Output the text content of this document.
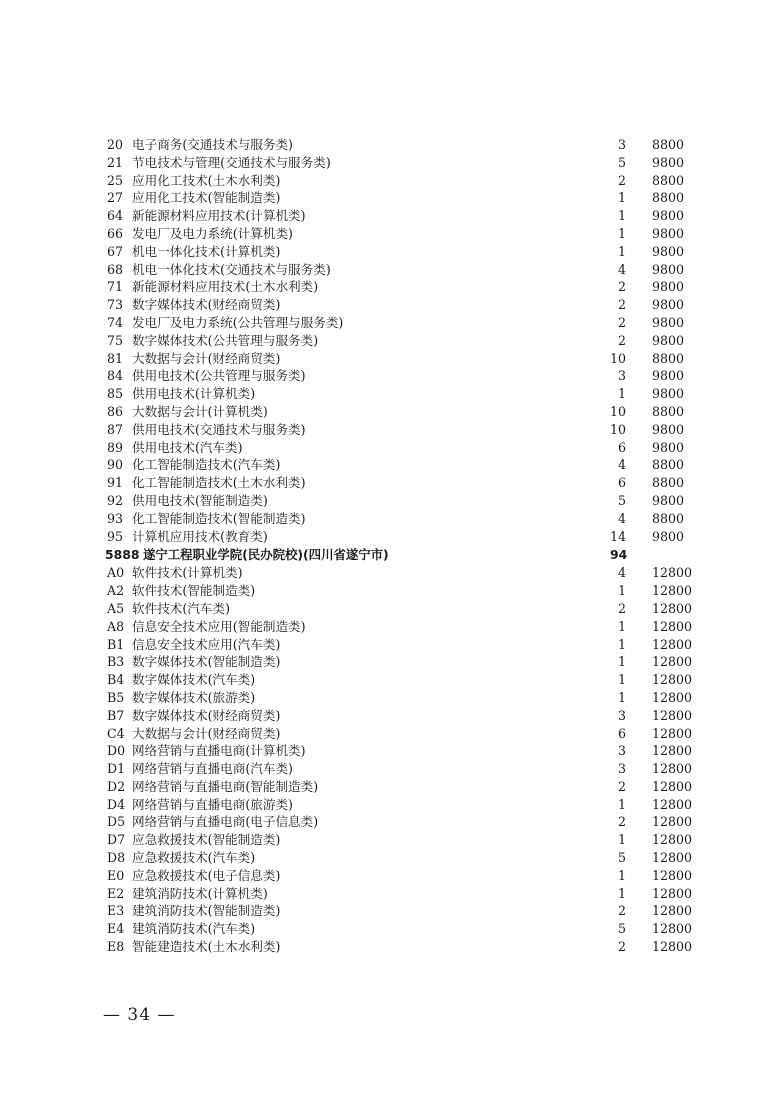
20 电子商务(交通技术与服务类)	3 8800
21 节电技术与管理(交通技术与服务类)	5 9800
25 应用化工技术(土木水利类)	2 8800
27 应用化工技术(智能制造类)	1 8800
64 新能源材料应用技术(计算机类)	1 9800
66 发电厂及电力系统(计算机类)	1 9800
67 机电一体化技术(计算机类)	1 9800
68 机电一体化技术(交通技术与服务类)	4 9800
71 新能源材料应用技术(土木水利类)	2 9800
73 数字媒体技术(财经商贸类)	2 9800
74 发电厂及电力系统(公共管理与服务类)	2 9800
75 数字媒体技术(公共管理与服务类)	2 9800
81 大数据与会计(财经商贸类)	10 8800
84 供用电技术(公共管理与服务类)	3 9800
85 供用电技术(计算机类)	1 9800
86 大数据与会计(计算机类)	10 8800
87 供用电技术(交通技术与服务类)	10 9800
89 供用电技术(汽车类)	6 9800
90 化工智能制造技术(汽车类)	4 8800
91 化工智能制造技术(土木水利类)	6 8800
92 供用电技术(智能制造类)	5 9800
93 化工智能制造技术(智能制造类)	4 8800
95 计算机应用技术(教育类)	14 9800
5888 遂宁工程职业学院(民办院校)(四川省遂宁市)	94
A0 软件技术(计算机类)	4 12800
A2 软件技术(智能制造类)	1 12800
A5 软件技术(汽车类)	2 12800
A8 信息安全技术应用(智能制造类)	1 12800
B1 信息安全技术应用(汽车类)	1 12800
B3 数字媒体技术(智能制造类)	1 12800
B4 数字媒体技术(汽车类)	1 12800
B5 数字媒体技术(旅游类)	1 12800
B7 数字媒体技术(财经商贸类)	3 12800
C4 大数据与会计(财经商贸类)	6 12800
D0 网络营销与直播电商(计算机类)	3 12800
D1 网络营销与直播电商(汽车类)	3 12800
D2 网络营销与直播电商(智能制造类)	2 12800
D4 网络营销与直播电商(旅游类)	1 12800
D5 网络营销与直播电商(电子信息类)	2 12800
D7 应急救援技术(智能制造类)	1 12800
D8 应急救援技术(汽车类)	5 12800
E0 应急救援技术(电子信息类)	1 12800
E2 建筑消防技术(计算机类)	1 12800
E3 建筑消防技术(智能制造类)	2 12800
E4 建筑消防技术(汽车类)	5 12800
E8 智能建造技术(土木水利类)	2 12800
— 34 —
